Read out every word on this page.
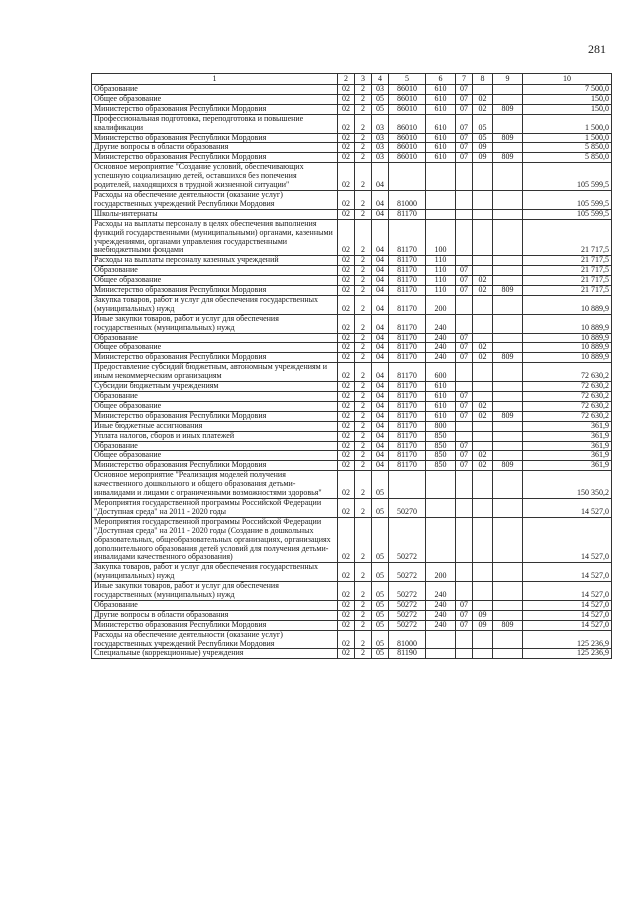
281
1	2	3	4	5	6	7	8	9	10
Образование	02	2	03	86010	610	07			7 500,0
Общее образование	02	2	05	86010	610	07	02		150,0
Министерство образования Республики Мордовия	02	2	05	86010	610	07	02	809	150,0
Профессиональная подготовка, переподготовка и повышение квалификации	02	2	03	86010	610	07	05		1 500,0
Министерство образования Республики Мордовия	02	2	03	86010	610	07	05	809	1 500,0
Другие вопросы в области образования	02	2	03	86010	610	07	09		5 850,0
Министерство образования Республики Мордовия	02	2	03	86010	610	07	09	809	5 850,0
Основное мероприятие "Создание условий, обеспечивающих успешную социализацию детей, оставшихся без попечения родителей, находящихся в трудной жизненной ситуации"	02	2	04						105 599,5
Расходы на обеспечение деятельности (оказание услуг) государственных учреждений Республики Мордовия	02	2	04	81000					105 599,5
Школы-интернаты	02	2	04	81170					105 599,5
Расходы на выплаты персоналу в целях обеспечения выполнения функций государственными (муниципальными) органами, казенными учреждениями, органами управления государственными внебюджетными фондами	02	2	04	81170	100				21 717,5
Расходы на выплаты персоналу казенных учреждений	02	2	04	81170	110				21 717,5
Образование	02	2	04	81170	110	07			21 717,5
Общее образование	02	2	04	81170	110	07	02		21 717,5
Министерство образования Республики Мордовия	02	2	04	81170	110	07	02	809	21 717,5
Закупка товаров, работ и услуг для обеспечения государственных (муниципальных) нужд	02	2	04	81170	200				10 889,9
Иные закупки товаров, работ и услуг для обеспечения государственных (муниципальных) нужд	02	2	04	81170	240				10 889,9
Образование	02	2	04	81170	240	07			10 889,9
Общее образование	02	2	04	81170	240	07	02		10 889,9
Министерство образования Республики Мордовия	02	2	04	81170	240	07	02	809	10 889,9
Предоставление субсидий бюджетным, автономным учреждениям и иным некоммерческим организациям	02	2	04	81170	600				72 630,2
Субсидии бюджетным учреждениям	02	2	04	81170	610				72 630,2
Образование	02	2	04	81170	610	07			72 630,2
Общее образование	02	2	04	81170	610	07	02		72 630,2
Министерство образования Республики Мордовия	02	2	04	81170	610	07	02	809	72 630,2
Иные бюджетные ассигнования	02	2	04	81170	800				361,9
Уплата налогов, сборов и иных платежей	02	2	04	81170	850				361,9
Образование	02	2	04	81170	850	07			361,9
Общее образование	02	2	04	81170	850	07	02		361,9
Министерство образования Республики Мордовия	02	2	04	81170	850	07	02	809	361,9
Основное мероприятие "Реализация моделей получения качественного дошкольного и общего образования детьми-инвалидами и лицами с ограниченными возможностями здоровья"	02	2	05						150 350,2
Мероприятия государственной программы Российской Федерации "Доступная среда" на 2011 - 2020 годы	02	2	05	50270					14 527,0
Мероприятия государственной программы Российской Федерации "Доступная среда" на 2011 - 2020 годы (Создание в дошкольных образовательных, общеобразовательных организациях, организациях дополнительного образования детей условий для получения детьми-инвалидами качественного образования)	02	2	05	50272					14 527,0
Закупка товаров, работ и услуг для обеспечения государственных (муниципальных) нужд	02	2	05	50272	200				14 527,0
Иные закупки товаров, работ и услуг для обеспечения государственных (муниципальных) нужд	02	2	05	50272	240				14 527,0
Образование	02	2	05	50272	240	07			14 527,0
Другие вопросы в области образования	02	2	05	50272	240	07	09		14 527,0
Министерство образования Республики Мордовия	02	2	05	50272	240	07	09	809	14 527,0
Расходы на обеспечение деятельности (оказание услуг) государственных учреждений Республики Мордовия	02	2	05	81000					125 236,9
Специальные (коррекционные) учреждения	02	2	05	81190					125 236,9
